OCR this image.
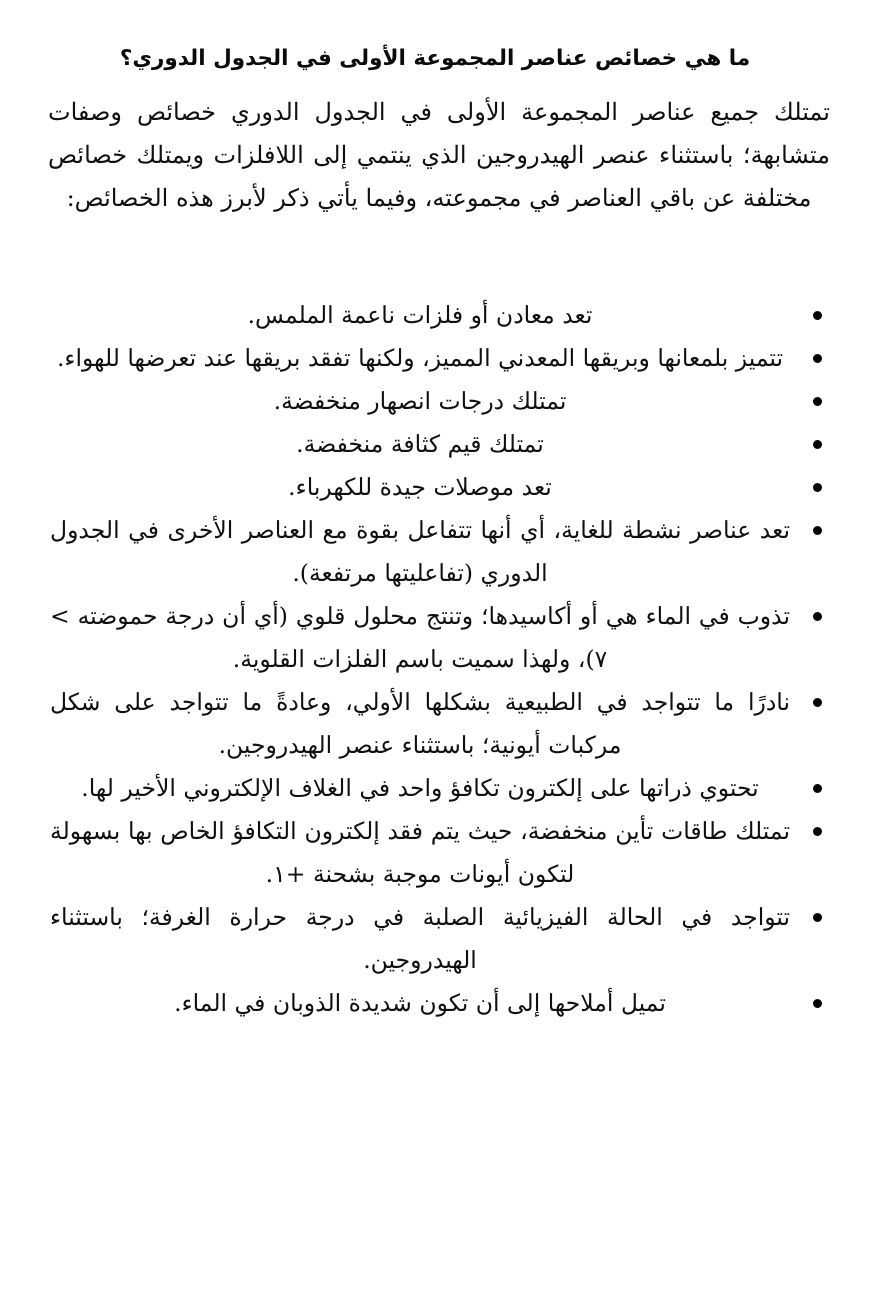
ما هي خصائص عناصر المجموعة الأولى في الجدول الدوري؟

تمتلك جميع عناصر المجموعة الأولى في الجدول الدوري خصائص وصفات متشابهة؛ باستثناء عنصر الهيدروجين الذي ينتمي إلى اللافلزات ويمتلك خصائص مختلفة عن باقي العناصر في مجموعته، وفيما يأتي ذكر لأبرز هذه الخصائص:

تعد معادن أو فلزات ناعمة الملمس.
تتميز بلمعانها وبريقها المعدني المميز، ولكنها تفقد بريقها عند تعرضها للهواء.
تمتلك درجات انصهار منخفضة.
تمتلك قيم كثافة منخفضة.
تعد موصلات جيدة للكهرباء.
تعد عناصر نشطة للغاية، أي أنها تتفاعل بقوة مع العناصر الأخرى في الجدول الدوري (تفاعليتها مرتفعة).
تذوب في الماء هي أو أكاسيدها؛ وتنتج محلول قلوي (أي أن درجة حموضته > ٧)، ولهذا سميت باسم الفلزات القلوية.
نادرًا ما تتواجد في الطبيعية بشكلها الأولي، وعادةً ما تتواجد على شكل مركبات أيونية؛ باستثناء عنصر الهيدروجين.
تحتوي ذراتها على إلكترون تكافؤ واحد في الغلاف الإلكتروني الأخير لها.
تمتلك طاقات تأين منخفضة، حيث يتم فقد إلكترون التكافؤ الخاص بها بسهولة لتكون أيونات موجبة بشحنة +١.
تتواجد في الحالة الفيزيائية الصلبة في درجة حرارة الغرفة؛ باستثناء الهيدروجين.
تميل أملاحها إلى أن تكون شديدة الذوبان في الماء.
